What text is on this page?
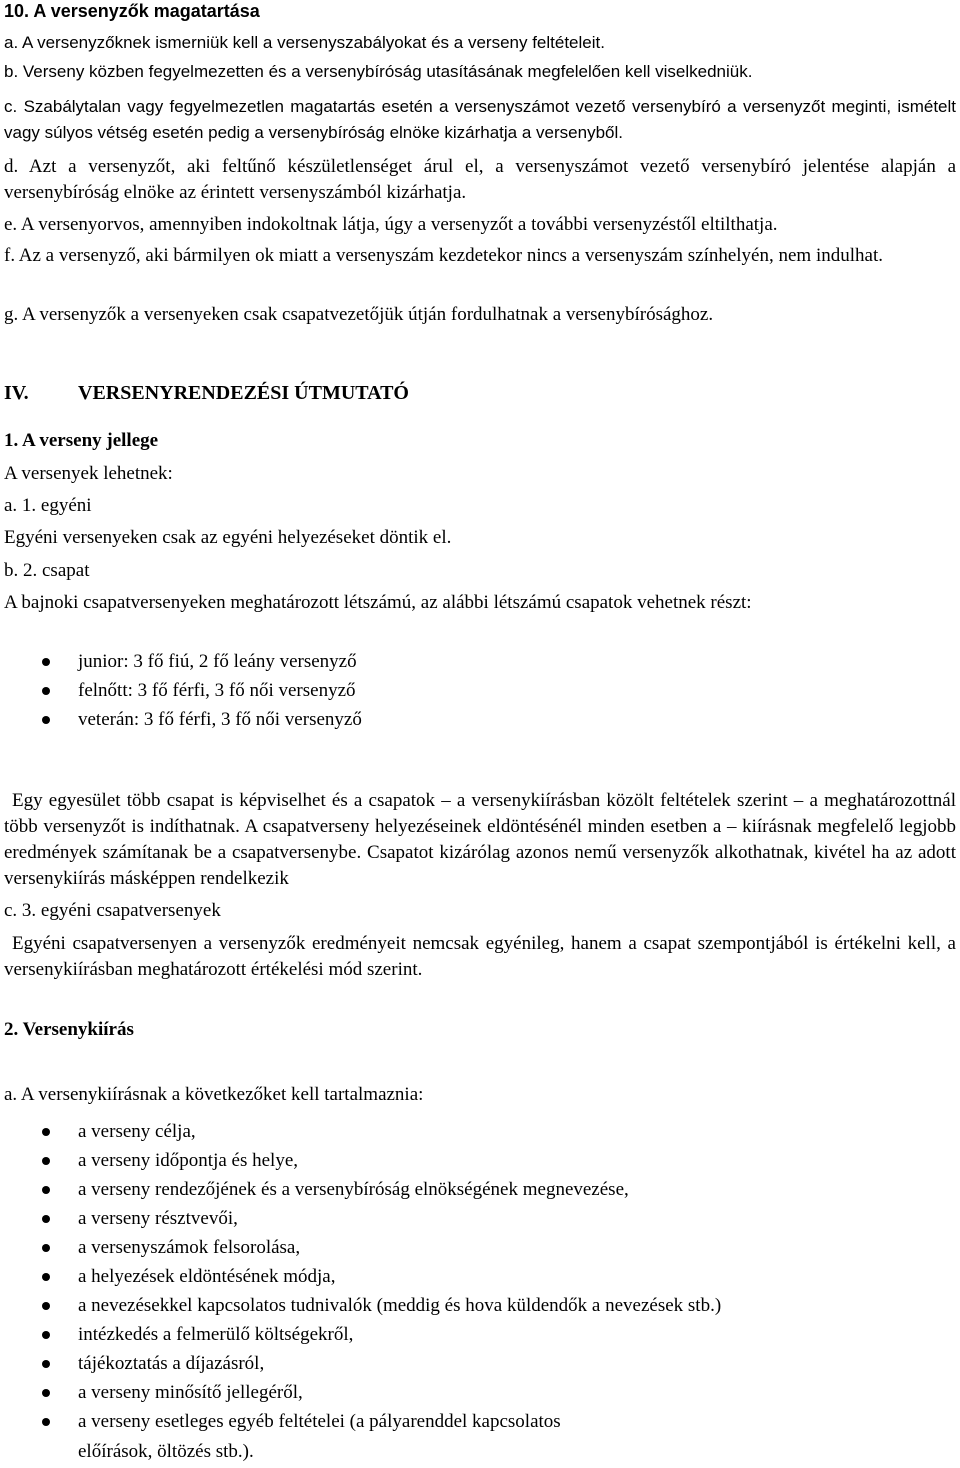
10. A versenyzők magatartása
a. A versenyzőknek ismerniük kell a versenyszabályokat és a verseny feltételeit.
b. Verseny közben fegyelmezetten és a versenybíróság utasításának megfelelően kell viselkedniük.
c. Szabálytalan vagy fegyelmezetlen magatartás esetén a versenyszámot vezető versenybíró a versenyzőt meginti, ismételt vagy súlyos vétség esetén pedig a versenybíróság elnöke kizárhatja a versenyből.
d. Azt a versenyzőt, aki feltűnő készületlenséget árul el, a versenyszámot vezető versenybíró jelentése alapján a versenybíróság elnöke az érintett versenyszámból kizárhatja.
e. A versenyorvos, amennyiben indokoltnak látja, úgy a versenyzőt a további versenyzéstől eltilthatja.
f. Az a versenyző, aki bármilyen ok miatt a versenyszám kezdetekor nincs a versenyszám színhelyén, nem indulhat.
g. A versenyzők a versenyeken csak csapatvezetőjük útján fordulhatnak a versenybírósághoz.
IV. VERSENYRENDEZÉSI ÚTMUTATÓ
1. A verseny jellege
A versenyek lehetnek:
a. 1. egyéni
Egyéni versenyeken csak az egyéni helyezéseket döntik el.
b. 2. csapat
A bajnoki csapatversenyeken meghatározott létszámú, az alábbi létszámú csapatok vehetnek részt:
junior: 3 fő fiú, 2 fő leány versenyző
felnőtt: 3 fő férfi, 3 fő női versenyző
veterán: 3 fő férfi, 3 fő női versenyző
Egy egyesület több csapat is képviselhet és a csapatok – a versenykiírásban közölt feltételek szerint – a meghatározottnál több versenyzőt is indíthatnak. A csapatverseny helyezéseinek eldöntésénél minden esetben a – kiírásnak megfelelő legjobb eredmények számítanak be a csapatversenybe. Csapatot kizárólag azonos nemű versenyzők alkothatnak, kivétel ha az adott versenykiírás másképpen rendelkezik
c. 3. egyéni csapatversenyek
Egyéni csapatversenyen a versenyzők eredményeit nemcsak egyénileg, hanem a csapat szempontjából is értékelni kell, a versenykiírásban meghatározott értékelési mód szerint.
2. Versenykiírás
a. A versenykiírásnak a következőket kell tartalmaznia:
a verseny célja,
a verseny időpontja és helye,
a verseny rendezőjének és a versenybíróság elnökségének megnevezése,
a verseny résztvevői,
a versenyszámok felsorolása,
a helyezések eldöntésének módja,
a nevezésekkel kapcsolatos tudnivalók (meddig és hova küldendők a nevezések stb.)
intézkedés a felmerülő költségekről,
tájékoztatás a díjazásról,
a verseny minősítő jellegéről,
a verseny esetleges egyéb feltételei (a pályarenddel kapcsolatos
előírások, öltözés stb.).
